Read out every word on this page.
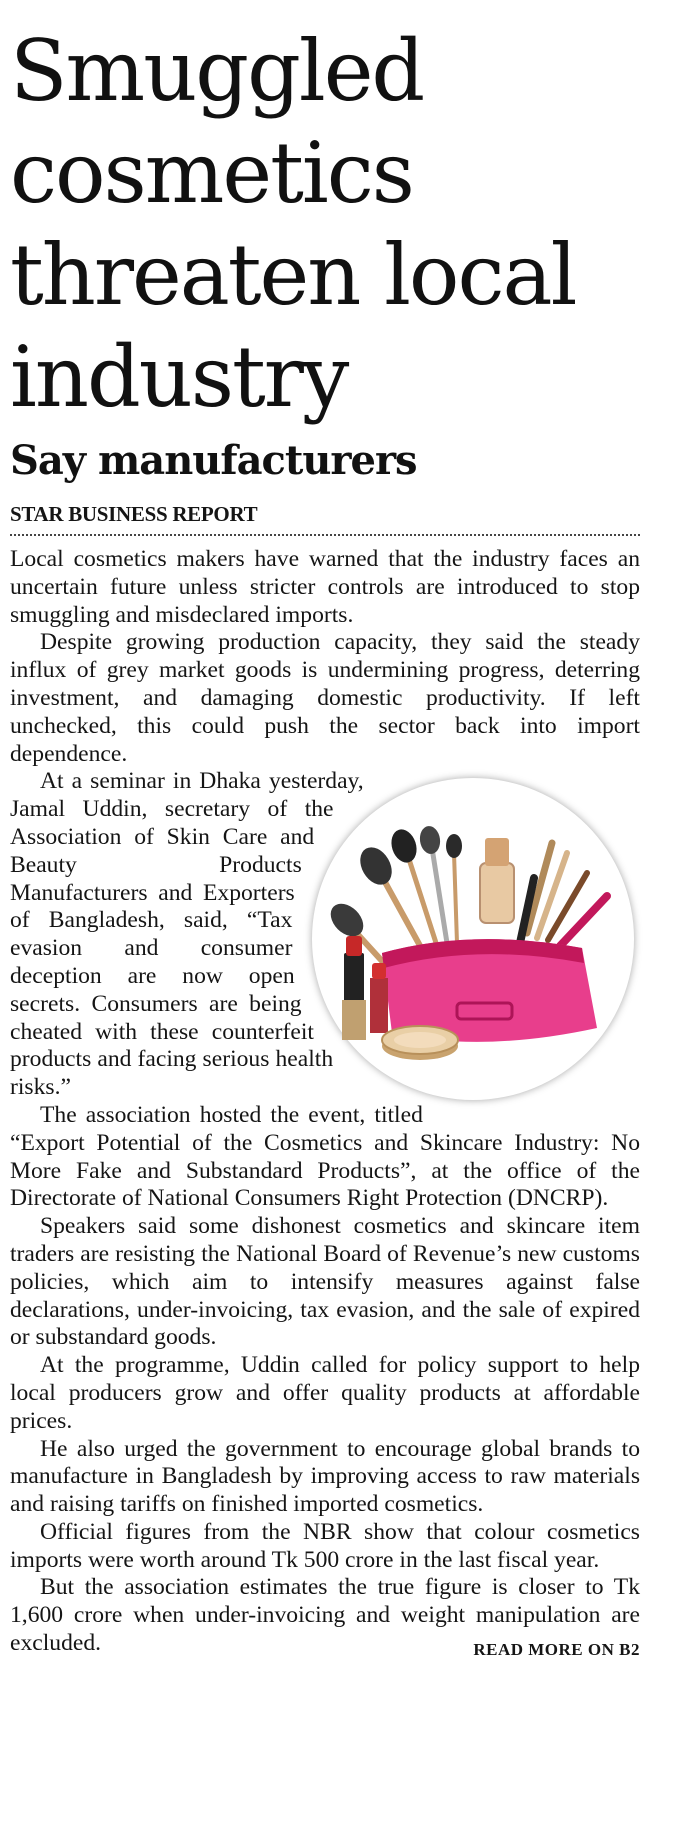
Smuggled cosmetics threaten local industry
Say manufacturers
STAR BUSINESS REPORT

Local cosmetics makers have warned that the industry faces an uncertain future unless stricter controls are introduced to stop smuggling and misdeclared imports.

Despite growing production capacity, they said the steady influx of grey market goods is undermining progress, deterring investment, and damaging domestic productivity. If left unchecked, this could push the sector back into import dependence.

At a seminar in Dhaka yesterday, Jamal Uddin, secretary of the Association of Skin Care and Beauty Products Manufacturers and Exporters of Bangladesh, said, “Tax evasion and consumer deception are now open secrets. Consumers are being cheated with these counterfeit products and facing serious health risks.”

The association hosted the event, titled “Export Potential of the Cosmetics and Skincare Industry: No More Fake and Substandard Products”, at the office of the Directorate of National Consumers Right Protection (DNCRP).

Speakers said some dishonest cosmetics and skincare item traders are resisting the National Board of Revenue’s new customs policies, which aim to intensify measures against false declarations, under-invoicing, tax evasion, and the sale of expired or substandard goods.

At the programme, Uddin called for policy support to help local producers grow and offer quality products at affordable prices.

He also urged the government to encourage global brands to manufacture in Bangladesh by improving access to raw materials and raising tariffs on finished imported cosmetics.

Official figures from the NBR show that colour cosmetics imports were worth around Tk 500 crore in the last fiscal year.

But the association estimates the true figure is closer to Tk 1,600 crore when under-invoicing and weight manipulation are excluded.	READ MORE ON B2
